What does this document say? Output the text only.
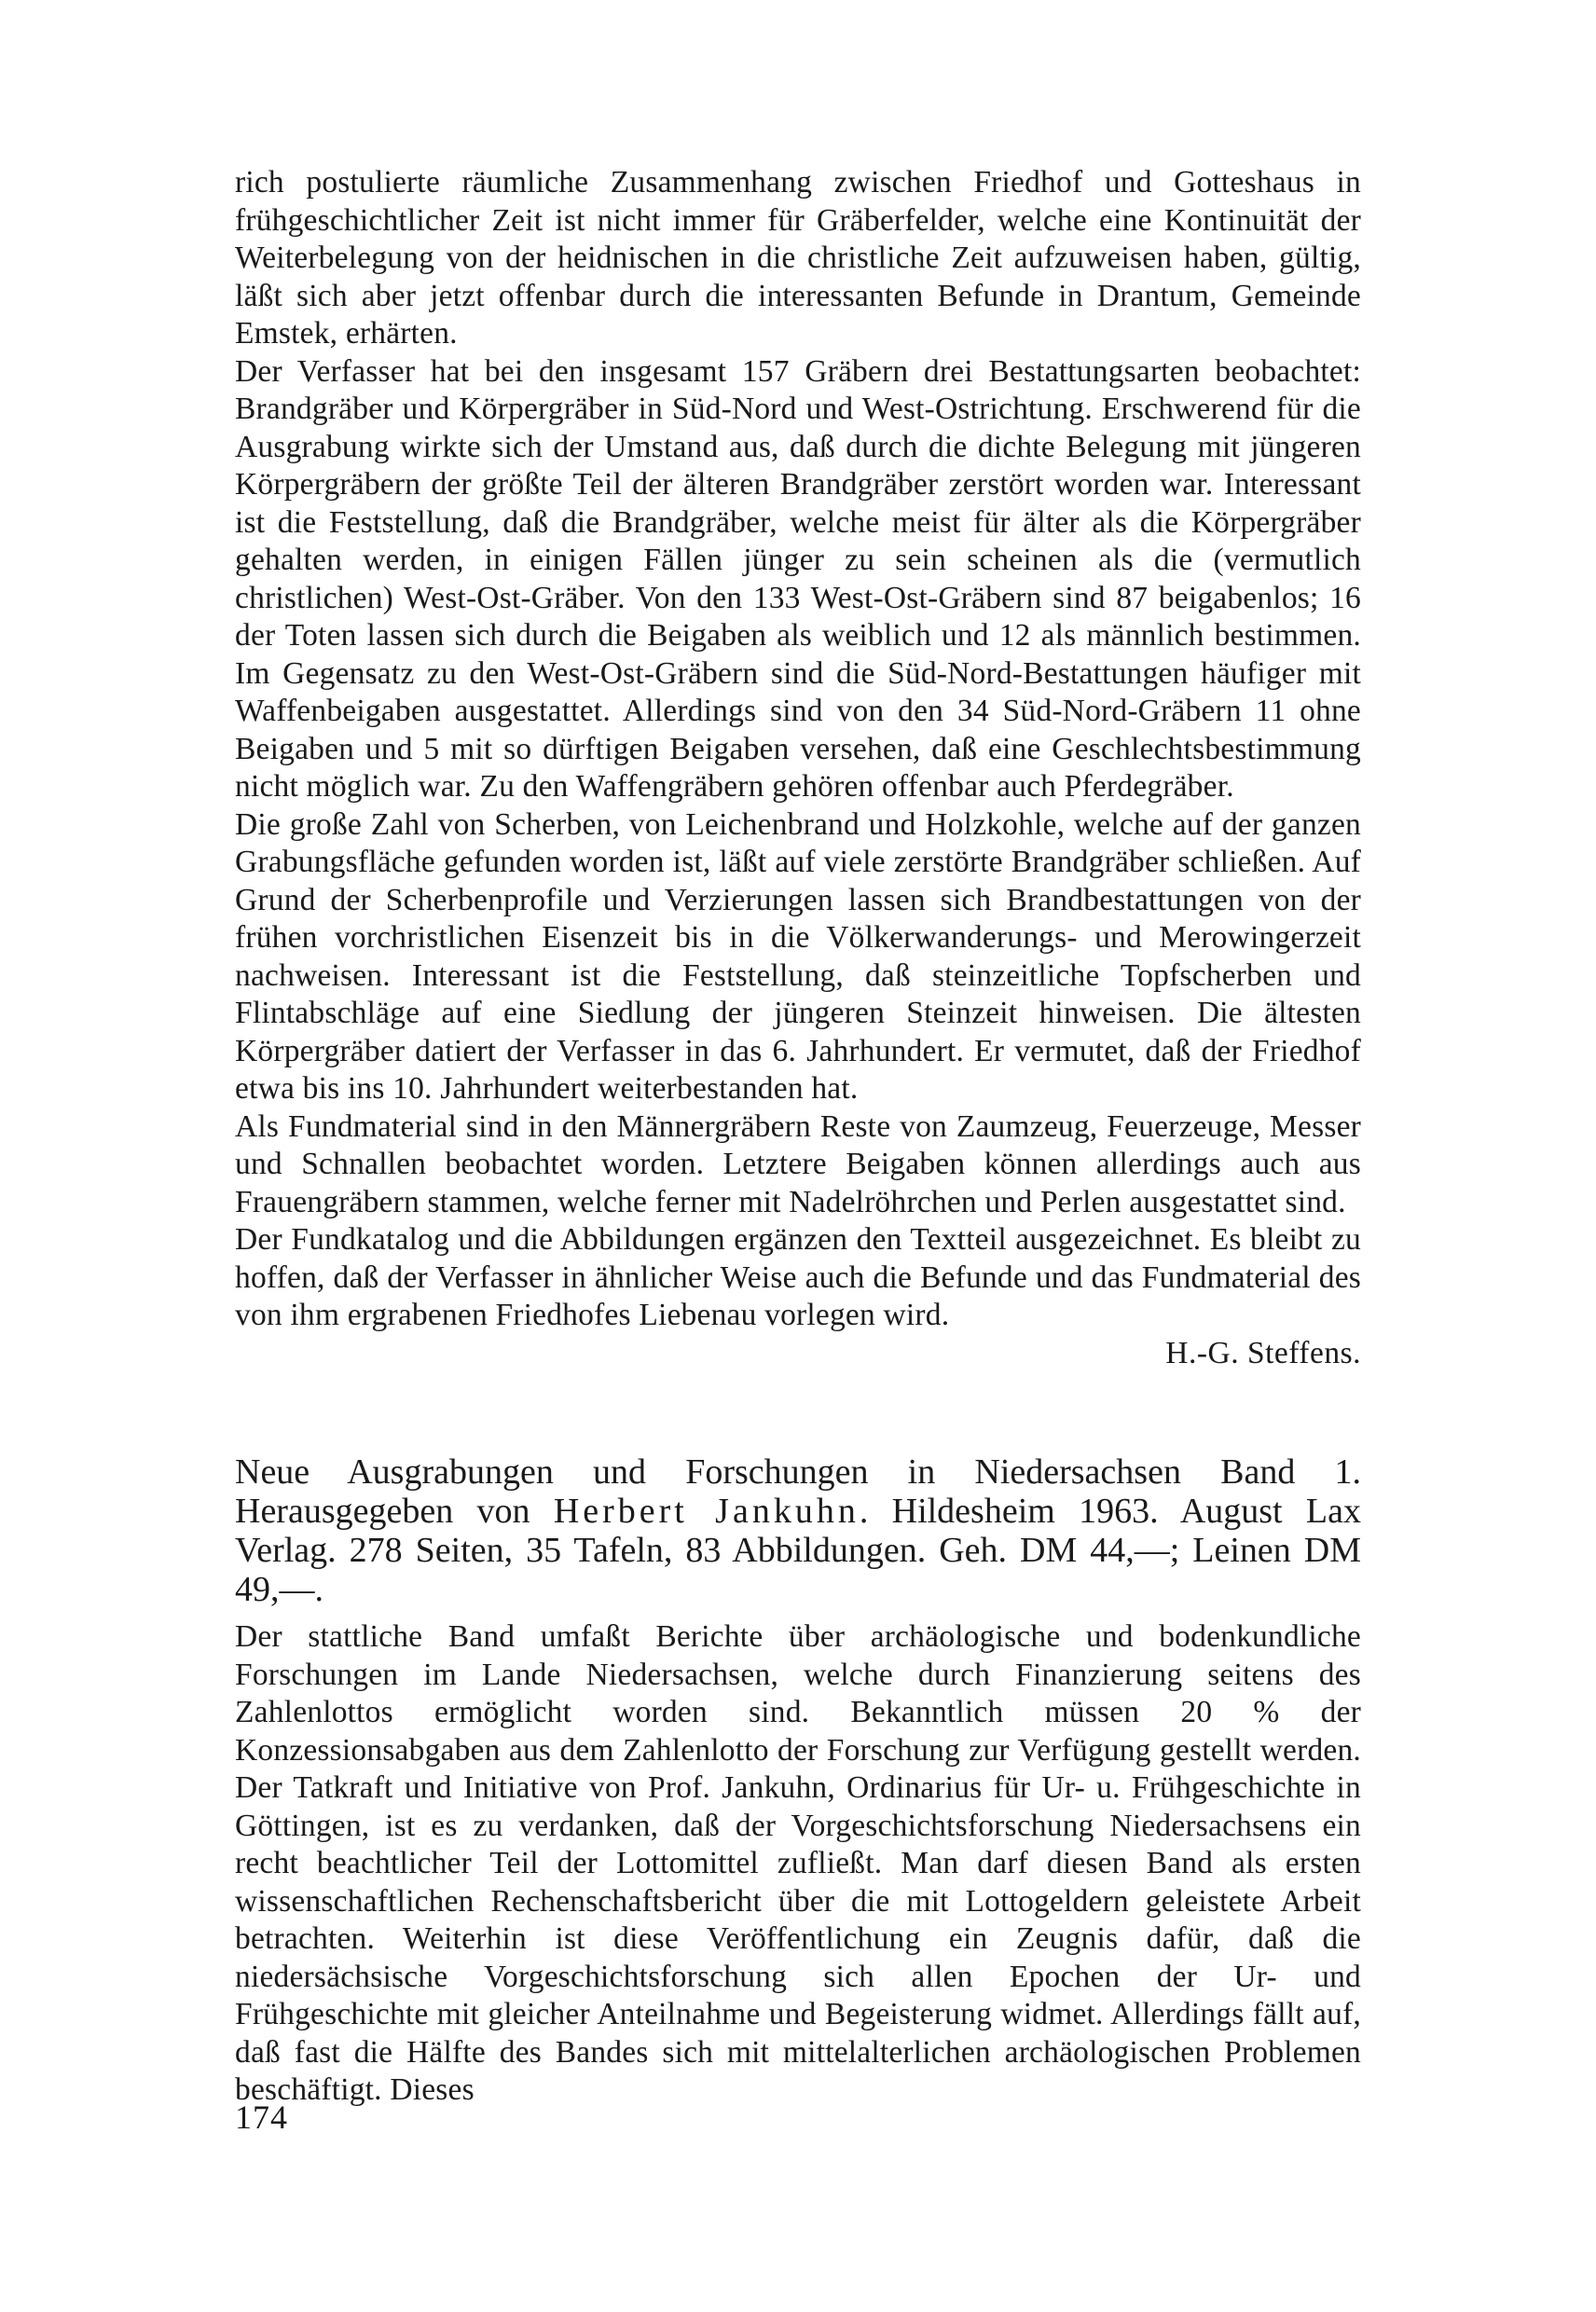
rich postulierte räumliche Zusammenhang zwischen Friedhof und Gotteshaus in frühgeschichtlicher Zeit ist nicht immer für Gräberfelder, welche eine Kontinuität der Weiterbelegung von der heidnischen in die christliche Zeit aufzuweisen haben, gültig, läßt sich aber jetzt offenbar durch die interessanten Befunde in Drantum, Gemeinde Emstek, erhärten.

Der Verfasser hat bei den insgesamt 157 Gräbern drei Bestattungsarten beobachtet: Brandgräber und Körpergräber in Süd-Nord und West-Ostrichtung. Erschwerend für die Ausgrabung wirkte sich der Umstand aus, daß durch die dichte Belegung mit jüngeren Körpergräbern der größte Teil der älteren Brandgräber zerstört worden war. Interessant ist die Feststellung, daß die Brandgräber, welche meist für älter als die Körpergräber gehalten werden, in einigen Fällen jünger zu sein scheinen als die (vermutlich christlichen) West-Ost-Gräber. Von den 133 West-Ost-Gräbern sind 87 beigabenlos; 16 der Toten lassen sich durch die Beigaben als weiblich und 12 als männlich bestimmen. Im Gegensatz zu den West-Ost-Gräbern sind die Süd-Nord-Bestattungen häufiger mit Waffenbeigaben ausgestattet. Allerdings sind von den 34 Süd-Nord-Gräbern 11 ohne Beigaben und 5 mit so dürftigen Beigaben versehen, daß eine Geschlechtsbestimmung nicht möglich war. Zu den Waffengräbern gehören offenbar auch Pferdegräber.

Die große Zahl von Scherben, von Leichenbrand und Holzkohle, welche auf der ganzen Grabungsfläche gefunden worden ist, läßt auf viele zerstörte Brandgräber schließen. Auf Grund der Scherbenprofile und Verzierungen lassen sich Brandbestattungen von der frühen vorchristlichen Eisenzeit bis in die Völkerwanderungs- und Merowingerzeit nachweisen. Interessant ist die Feststellung, daß steinzeitliche Topfscherben und Flintabschläge auf eine Siedlung der jüngeren Steinzeit hinweisen. Die ältesten Körpergräber datiert der Verfasser in das 6. Jahrhundert. Er vermutet, daß der Friedhof etwa bis ins 10. Jahrhundert weiterbestanden hat.

Als Fundmaterial sind in den Männergräbern Reste von Zaumzeug, Feuerzeuge, Messer und Schnallen beobachtet worden. Letztere Beigaben können allerdings auch aus Frauengräbern stammen, welche ferner mit Nadelröhrchen und Perlen ausgestattet sind.

Der Fundkatalog und die Abbildungen ergänzen den Textteil ausgezeichnet. Es bleibt zu hoffen, daß der Verfasser in ähnlicher Weise auch die Befunde und das Fundmaterial des von ihm ergrabenen Friedhofes Liebenau vorlegen wird.

H.-G. Steffens.

Neue Ausgrabungen und Forschungen in Niedersachsen Band 1. Herausgegeben von Herbert Jankuhn. Hildesheim 1963. August Lax Verlag. 278 Seiten, 35 Tafeln, 83 Abbildungen. Geh. DM 44,—; Leinen DM 49,—.

Der stattliche Band umfaßt Berichte über archäologische und bodenkundliche Forschungen im Lande Niedersachsen, welche durch Finanzierung seitens des Zahlenlottos ermöglicht worden sind. Bekanntlich müssen 20 % der Konzessionsabgaben aus dem Zahlenlotto der Forschung zur Verfügung gestellt werden. Der Tatkraft und Initiative von Prof. Jankuhn, Ordinarius für Ur- u. Frühgeschichte in Göttingen, ist es zu verdanken, daß der Vorgeschichtsforschung Niedersachsens ein recht beachtlicher Teil der Lottomittel zufließt. Man darf diesen Band als ersten wissenschaftlichen Rechenschaftsbericht über die mit Lottogeldern geleistete Arbeit betrachten. Weiterhin ist diese Veröffentlichung ein Zeugnis dafür, daß die niedersächsische Vorgeschichtsforschung sich allen Epochen der Ur- und Frühgeschichte mit gleicher Anteilnahme und Begeisterung widmet. Allerdings fällt auf, daß fast die Hälfte des Bandes sich mit mittelalterlichen archäologischen Problemen beschäftigt. Dieses

174
